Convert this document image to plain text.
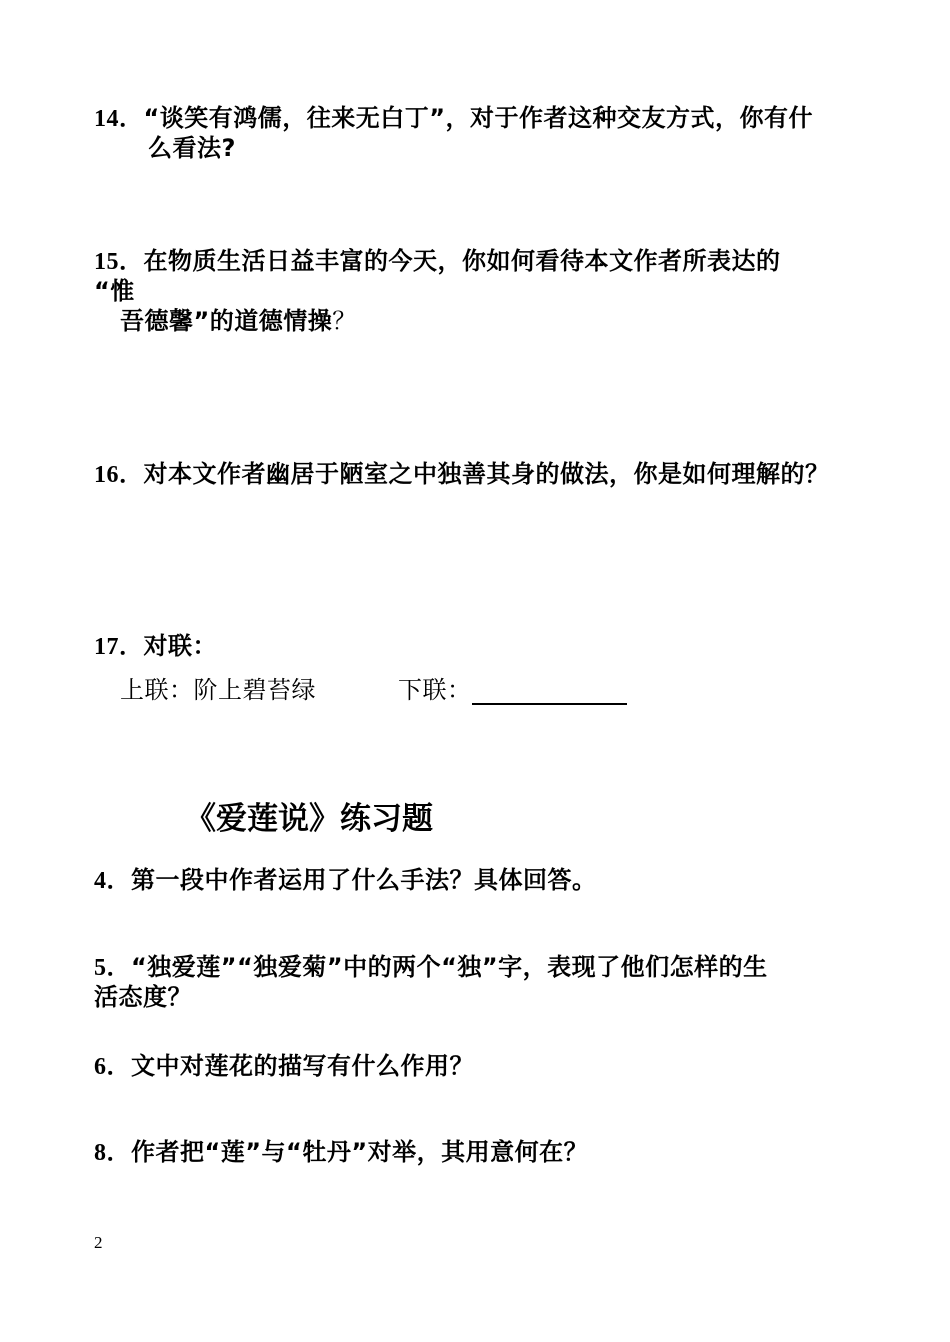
14．“谈笑有鸿儒，往来无白丁”，对于作者这种交友方式，你有什
么看法?
15．在物质生活日益丰富的今天，你如何看待本文作者所表达的
“惟
吾德馨”的道德情操？
16．对本文作者幽居于陋室之中独善其身的做法，你是如何理解的？
17．对联：
上联：阶上碧苔绿	下联：
《爱莲说》练习题
4．第一段中作者运用了什么手法？具体回答。
5．“独爱莲”“独爱菊”中的两个“独”字，表现了他们怎样的生
活态度？
6．文中对莲花的描写有什么作用？
8．作者把“莲”与“牡丹”对举，其用意何在？
2
